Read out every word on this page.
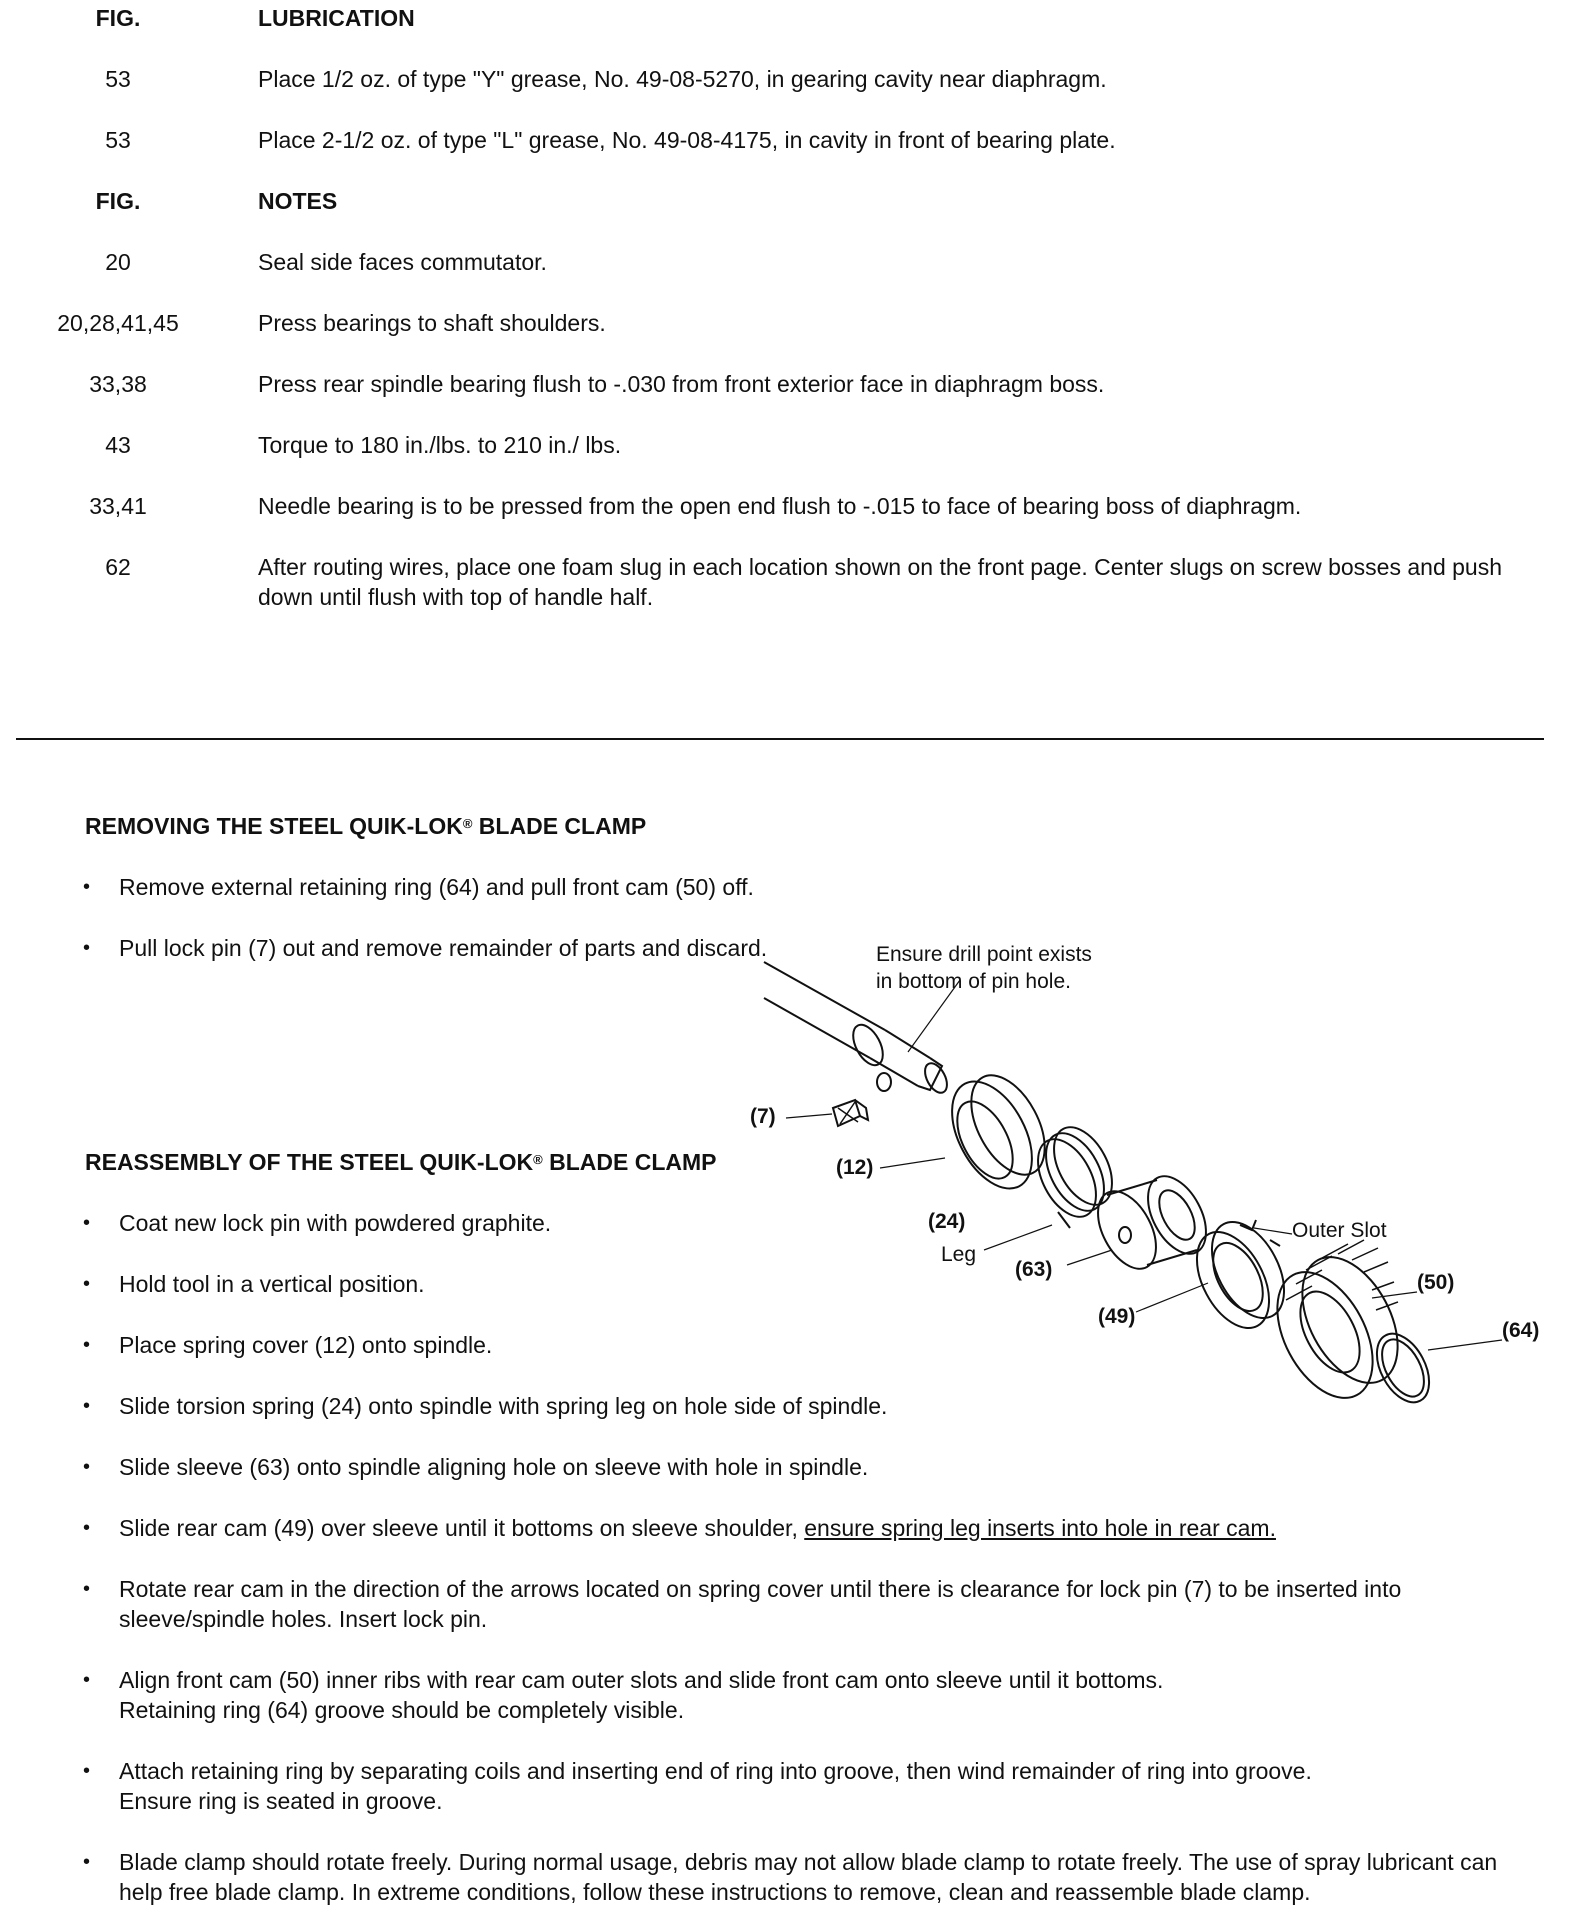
FIG.	LUBRICATION
53	Place 1/2 oz. of type "Y" grease, No. 49-08-5270, in gearing cavity near diaphragm.
53	Place 2-1/2 oz. of type "L" grease, No. 49-08-4175, in cavity in front of bearing plate.
FIG.	NOTES
20	Seal side faces commutator.
20,28,41,45	Press bearings to shaft shoulders.
33,38	Press rear spindle bearing flush to -.030 from front exterior face in diaphragm boss.
43	Torque to 180 in./lbs. to 210 in./ lbs.
33,41	Needle bearing is to be pressed from the open end flush to -.015 to face of bearing boss of diaphragm.
62	After routing wires, place one foam slug in each location shown on the front page. Center slugs on screw bosses and push down until flush with top of handle half.
REMOVING THE STEEL QUIK-LOK® BLADE CLAMP
• Remove external retaining ring (64) and pull front cam (50) off.
• Pull lock pin (7) out and remove remainder of parts and discard.
REASSEMBLY OF THE STEEL QUIK-LOK® BLADE CLAMP
• Coat new lock pin with powdered graphite.
• Hold tool in a vertical position.
• Place spring cover (12) onto spindle.
• Slide torsion spring (24) onto spindle with spring leg on hole side of spindle.
• Slide sleeve (63) onto spindle aligning hole on sleeve with hole in spindle.
• Slide rear cam (49) over sleeve until it bottoms on sleeve shoulder, ensure spring leg inserts into hole in rear cam.
• Rotate rear cam in the direction of the arrows located on spring cover until there is clearance for lock pin (7) to be inserted into sleeve/spindle holes. Insert lock pin.
• Align front cam (50) inner ribs with rear cam outer slots and slide front cam onto sleeve until it bottoms.
Retaining ring (64) groove should be completely visible.
• Attach retaining ring by separating coils and inserting end of ring into groove, then wind remainder of ring into groove.
Ensure ring is seated in groove.
• Blade clamp should rotate freely. During normal usage, debris may not allow blade clamp to rotate freely. The use of spray lubricant can help free blade clamp. In extreme conditions, follow these instructions to remove, clean and reassemble blade clamp.
Ensure drill point exists
in bottom of pin hole.
(7)
(12)
(24)
Leg
(63)
(49)
Outer Slot
(50)
(64)
